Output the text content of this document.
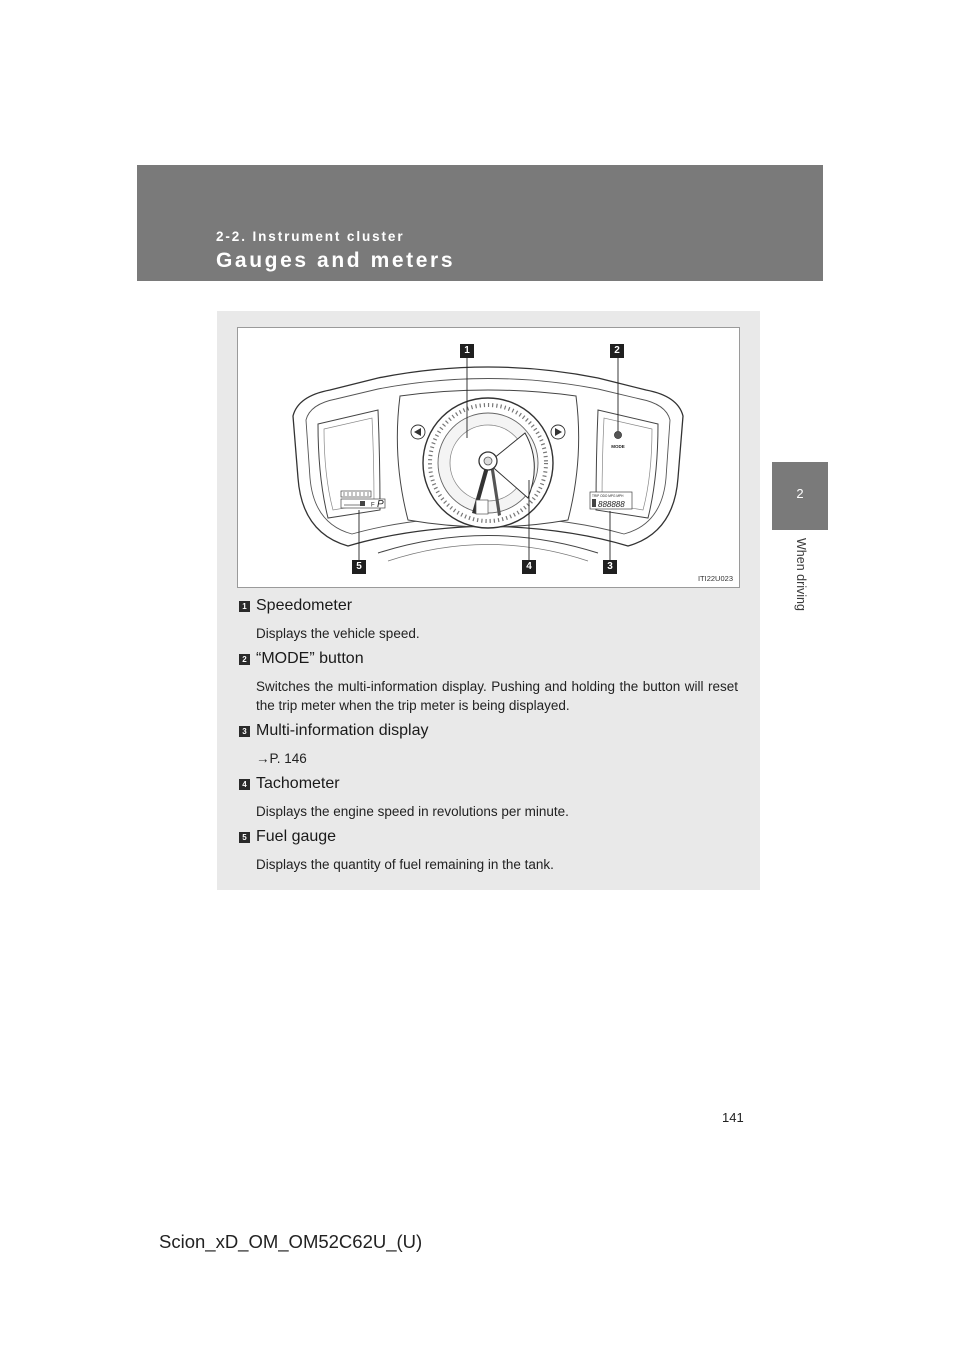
2-2. Instrument cluster
Gauges and meters
2
When driving
MODE
F P
TRIP ODO MPG MPH
888888
1	2
3
4
5
ITI22U023
1 Speedometer
Displays the vehicle speed.
2 “MODE” button
Switches the multi-information display. Pushing and holding the button will reset the trip meter when the trip meter is being displayed.
3 Multi-information display
→P. 146
4 Tachometer
Displays the engine speed in revolutions per minute.
5 Fuel gauge
Displays the quantity of fuel remaining in the tank.
141
Scion_xD_OM_OM52C62U_(U)
